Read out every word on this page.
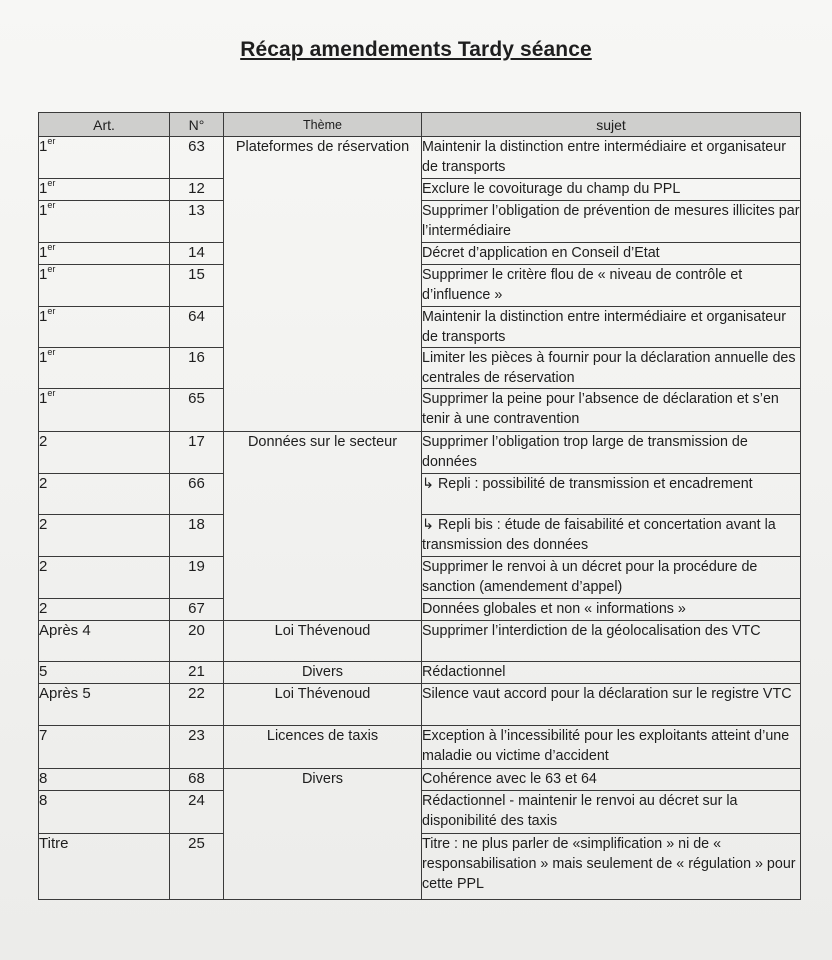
Récap amendements Tardy séance
Art.	N°	Thème	sujet
1er	63	Plateformes de réservation	Maintenir la distinction entre intermédiaire et organisateur de transports
1er	12		Exclure le covoiturage du champ du PPL
1er	13		Supprimer l’obligation de prévention de mesures illicites par l’intermédiaire
1er	14		Décret d’application en Conseil d’Etat
1er	15		Supprimer le critère flou de « niveau de contrôle et d’influence »
1er	64		Maintenir la distinction entre intermédiaire et organisateur de transports
1er	16		Limiter les pièces à fournir pour la déclaration annuelle des centrales de réservation
1er	65		Supprimer la peine pour l’absence de déclaration et s’en tenir à une contravention
2	17	Données sur le secteur	Supprimer l’obligation trop large de transmission de données
2	66		↳ Repli : possibilité de transmission et encadrement
2	18		↳ Repli bis : étude de faisabilité et concertation avant la transmission des données
2	19		Supprimer le renvoi à un décret pour la procédure de sanction (amendement d’appel)
2	67		Données globales et non « informations »
Après 4	20	Loi Thévenoud	Supprimer l’interdiction de la géolocalisation des VTC
5	21	Divers	Rédactionnel
Après 5	22	Loi Thévenoud	Silence vaut accord pour la déclaration sur le registre VTC
7	23	Licences de taxis	Exception à l’incessibilité pour les exploitants atteint d’une maladie ou victime d’accident
8	68	Divers	Cohérence avec le 63 et 64
8	24		Rédactionnel - maintenir le renvoi au décret sur la disponibilité des taxis
Titre	25		Titre : ne plus parler de «simplification » ni de « responsabilisation » mais seulement de « régulation » pour cette PPL
